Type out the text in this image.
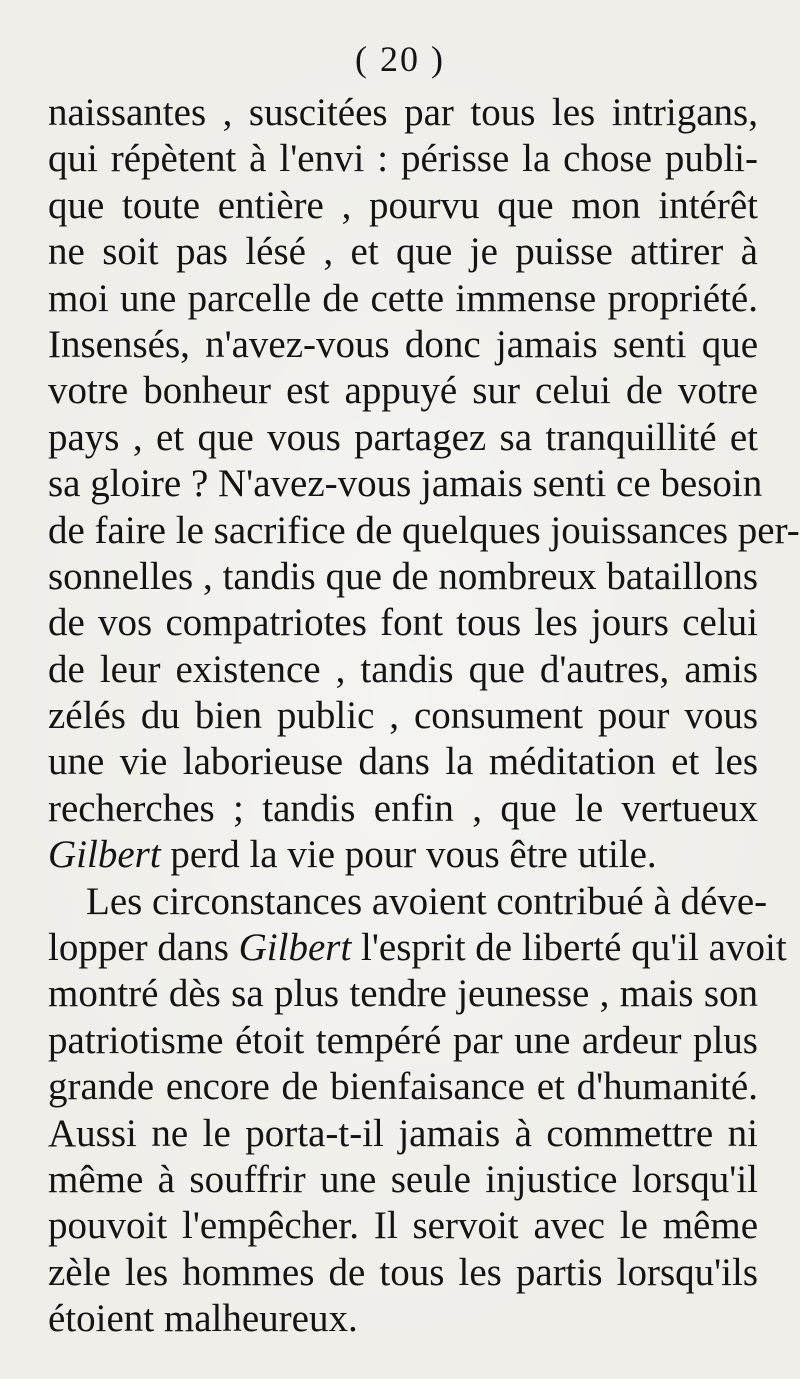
( 20 )
naissantes , suscitées par tous les intrigans,
qui répètent à l'envi : périsse la chose publi-
que toute entière , pourvu que mon intérêt
ne soit pas lésé , et que je puisse attirer à
moi une parcelle de cette immense propriété.
Insensés, n'avez-vous donc jamais senti que
votre bonheur est appuyé sur celui de votre
pays , et que vous partagez sa tranquillité et
sa gloire ? N'avez-vous jamais senti ce besoin
de faire le sacrifice de quelques jouissances per-
sonnelles , tandis que de nombreux bataillons
de vos compatriotes font tous les jours celui
de leur existence , tandis que d'autres, amis
zélés du bien public , consument pour vous
une vie laborieuse dans la méditation et les
recherches ; tandis enfin , que le vertueux
Gilbert perd la vie pour vous être utile.
Les circonstances avoient contribué à déve-
lopper dans Gilbert l'esprit de liberté qu'il avoit
montré dès sa plus tendre jeunesse , mais son
patriotisme étoit tempéré par une ardeur plus
grande encore de bienfaisance et d'humanité.
Aussi ne le porta-t-il jamais à commettre ni
même à souffrir une seule injustice lorsqu'il
pouvoit l'empêcher. Il servoit avec le même
zèle les hommes de tous les partis lorsqu'ils
étoient malheureux.
